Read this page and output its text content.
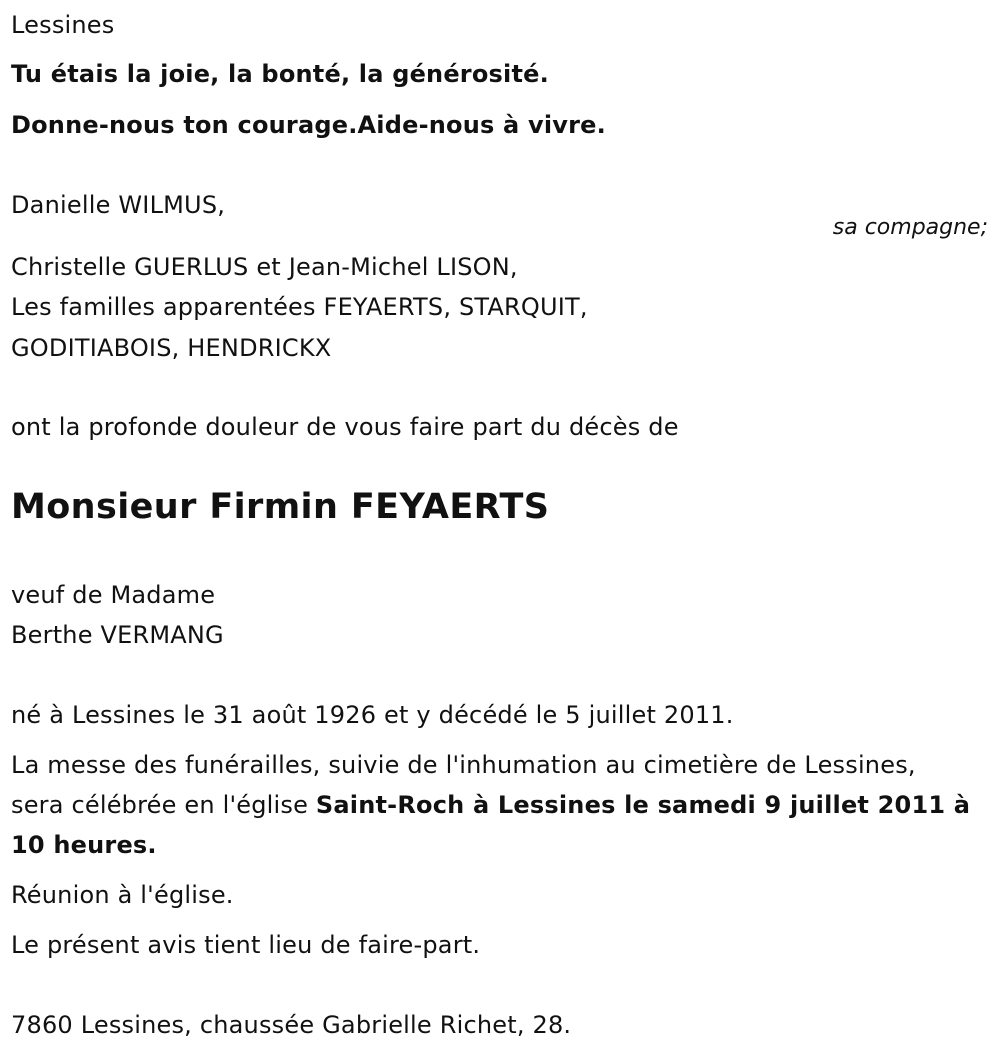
Lessines
Tu étais la joie, la bonté, la générosité.
Donne-nous ton courage.Aide-nous à vivre.
Danielle WILMUS,
sa compagne;
Christelle GUERLUS et Jean-Michel LISON,
Les familles apparentées FEYAERTS, STARQUIT,
GODITIABOIS, HENDRICKX
ont la profonde douleur de vous faire part du décès de
Monsieur Firmin FEYAERTS
veuf de Madame
Berthe VERMANG
né à Lessines le 31 août 1926 et y décédé le 5 juillet 2011.
La messe des funérailles, suivie de l'inhumation au cimetière de Lessines,
sera célébrée en l'église Saint-Roch à Lessines le samedi 9 juillet 2011 à
10 heures.
Réunion à l'église.
Le présent avis tient lieu de faire-part.
7860 Lessines, chaussée Gabrielle Richet, 28.
